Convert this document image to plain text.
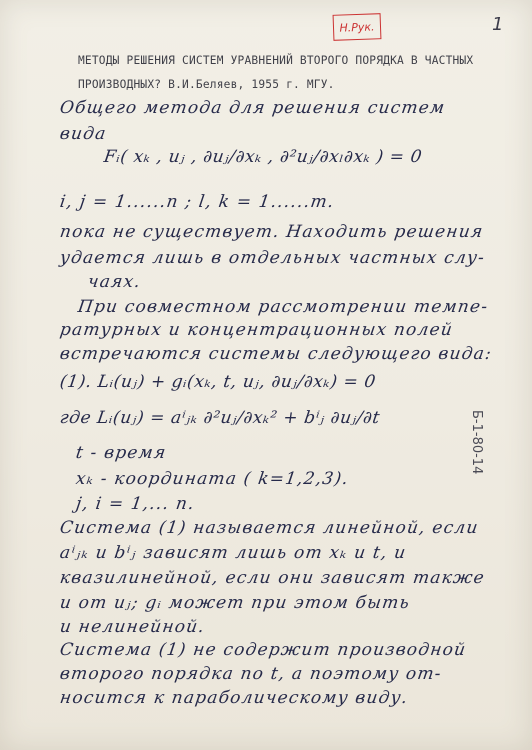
Н.Рук.	1
МЕТОДЫ РЕШЕНИЯ СИСТЕМ УРАВНЕНИЙ ВТОРОГО ПОРЯДКА В ЧАСТНЫХ
ПРОИЗВОДНЫХ? В.И.Беляев, 1955 г. МГУ.
Общего метода для решения систем
вида
Fᵢ( xₖ , uⱼ , ∂uⱼ/∂xₖ , ∂²uⱼ/∂xₗ∂xₖ ) = 0
i, j = 1......n ; l, k = 1......m.
пока не существует. Находить решения
удается лишь в отдельных частных слу-
чаях.
При совместном рассмотрении темпе-
ратурных и концентрационных полей
встречаются системы следующего вида:
(1). Lᵢ(uⱼ) + gᵢ(xₖ, t, uⱼ, ∂uⱼ/∂xₖ) = 0
где Lᵢ(uⱼ) = aⁱⱼₖ ∂²uⱼ/∂xₖ² + bⁱⱼ ∂uⱼ/∂t
t - время
xₖ - координата ( k=1,2,3).
j, i = 1,... n.
Система (1) называется линейной, если
aⁱⱼₖ и bⁱⱼ зависят лишь от xₖ и t, и
квазилинейной, если они зависят также
и от uⱼ; gᵢ может при этом быть
и нелинейной.
Система (1) не содержит производной
второго порядка по t, а поэтому от-
носится к параболическому виду.
Б-1-80-14
